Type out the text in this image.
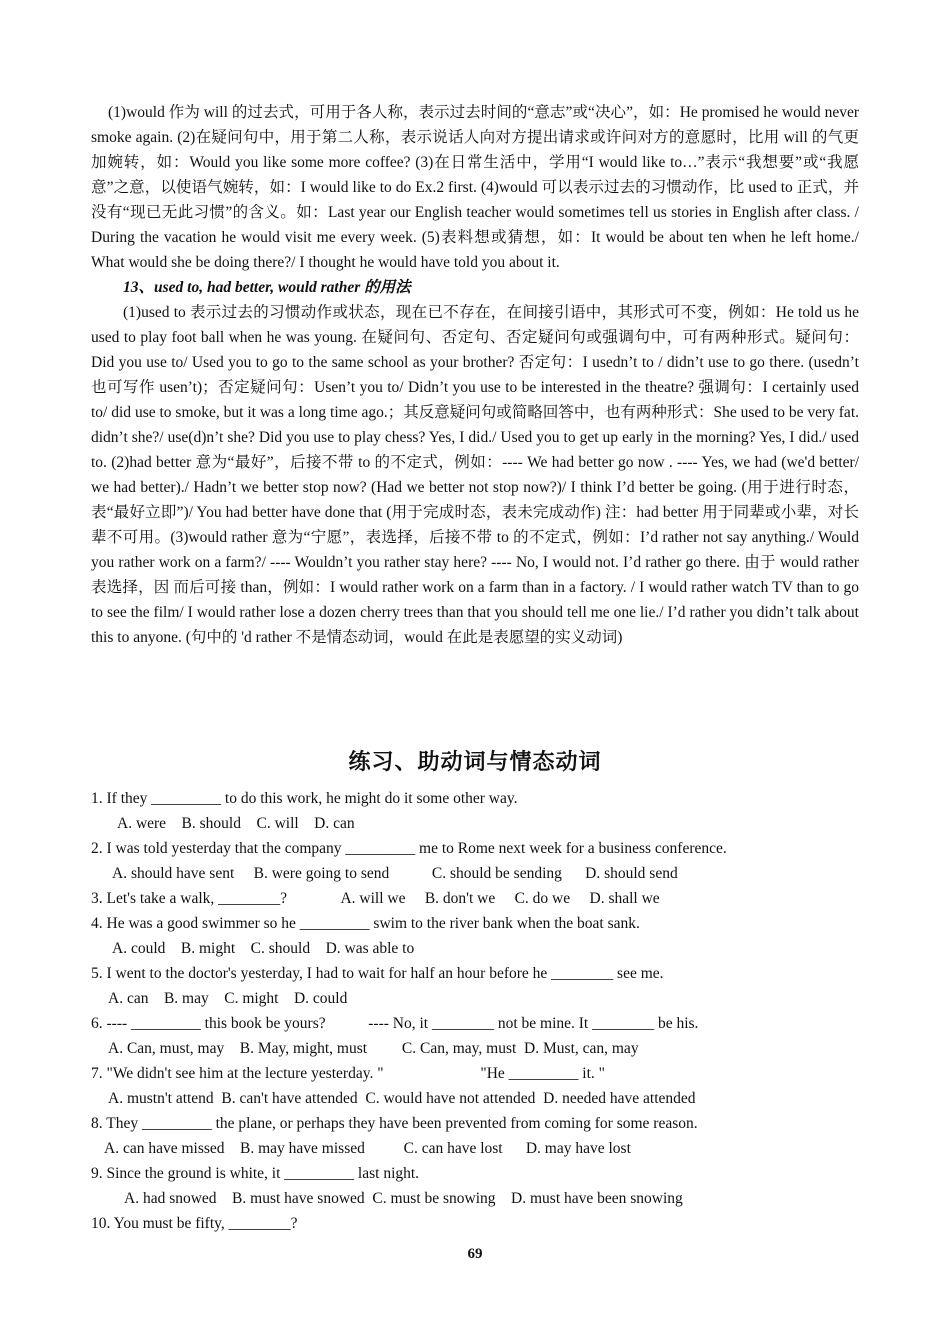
(1)would 作为 will 的过去式，可用于各人称，表示过去时间的“意志”或“决心”，如：He promised he would never smoke again. (2)在疑问句中，用于第二人称，表示说话人向对方提出请求或许问对方的意愿时，比用 will 的气更加婉转，如：Would you like some more coffee? (3)在日常生活中，学用“I would like to…”表示“我想要”或“我愿意”之意，以使语气婉转，如：I would like to do Ex.2 first. (4)would 可以表示过去的习惯动作，比 used to 正式，并没有“现已无此习惯”的含义。如：Last year our English teacher would sometimes tell us stories in English after class. / During the vacation he would visit me every week. (5)表料想或猜想，如：It would be about ten when he left home./ What would she be doing there?/ I thought he would have told you about it.

13、used to, had better, would rather 的用法

(1)used to 表示过去的习惯动作或状态，现在已不存在，在间接引语中，其形式可不变，例如：He told us he used to play foot ball when he was young. 在疑问句、否定句、否定疑问句或强调句中，可有两种形式。疑问句：Did you use to/ Used you to go to the same school as your brother? 否定句：I usedn’t to / didn’t use to go there. (usedn’t 也可写作 usen’t)；否定疑问句：Usen’t you to/ Didn’t you use to be interested in the theatre? 强调句：I certainly used to/ did use to smoke, but it was a long time ago.；其反意疑问句或简略回答中，也有两种形式：She used to be very fat. didn’t she?/ use(d)n’t she? Did you use to play chess? Yes, I did./ Used you to get up early in the morning? Yes, I did./ used to. (2)had better 意为“最好”，后接不带 to 的不定式，例如：---- We had better go now . ---- Yes, we had (we'd better/ we had better)./ Hadn’t we better stop now? (Had we better not stop now?)/ I think I’d better be going. (用于进行时态，表“最好立即”)/ You had better have done that (用于完成时态，表未完成动作) 注：had better 用于同辈或小辈，对长辈不可用。(3)would rather 意为“宁愿”，表选择，后接不带 to 的不定式，例如：I’d rather not say anything./ Would you rather work on a farm?/ ---- Wouldn’t you rather stay here? ---- No, I would not. I’d rather go there. 由于 would rather 表选择，因 而后可接 than，例如：I would rather work on a farm than in a factory. / I would rather watch TV than to go to see the film/ I would rather lose a dozen cherry trees than that you should tell me one lie./ I’d rather you didn’t talk about this to anyone. (句中的 'd rather 不是情态动词，would 在此是表愿望的实义动词)

练习、助动词与情态动词
1. If they _________ to do this work, he might do it some other way.
A. were    B. should    C. will    D. can
2. I was told yesterday that the company _________ me to Rome next week for a business conference.
A. should have sent     B. were going to send           C. should be sending      D. should send
3. Let's take a walk, ________?              A. will we     B. don't we     C. do we     D. shall we
4. He was a good swimmer so he _________ swim to the river bank when the boat sank.
A. could    B. might    C. should    D. was able to
5. I went to the doctor's yesterday, I had to wait for half an hour before he ________ see me.
A. can    B. may    C. might    D. could
6. ---- _________ this book be yours?           ---- No, it ________ not be mine. It ________ be his.
A. Can, must, may    B. May, might, must         C. Can, may, must  D. Must, can, may
7. "We didn't see him at the lecture yesterday. "                         "He _________ it. "
A. mustn't attend  B. can't have attended  C. would have not attended  D. needed have attended
8. They _________ the plane, or perhaps they have been prevented from coming for some reason.
A. can have missed    B. may have missed          C. can have lost      D. may have lost
9. Since the ground is white, it _________ last night.
A. had snowed    B. must have snowed  C. must be snowing    D. must have been snowing
10. You must be fifty, ________?
69
